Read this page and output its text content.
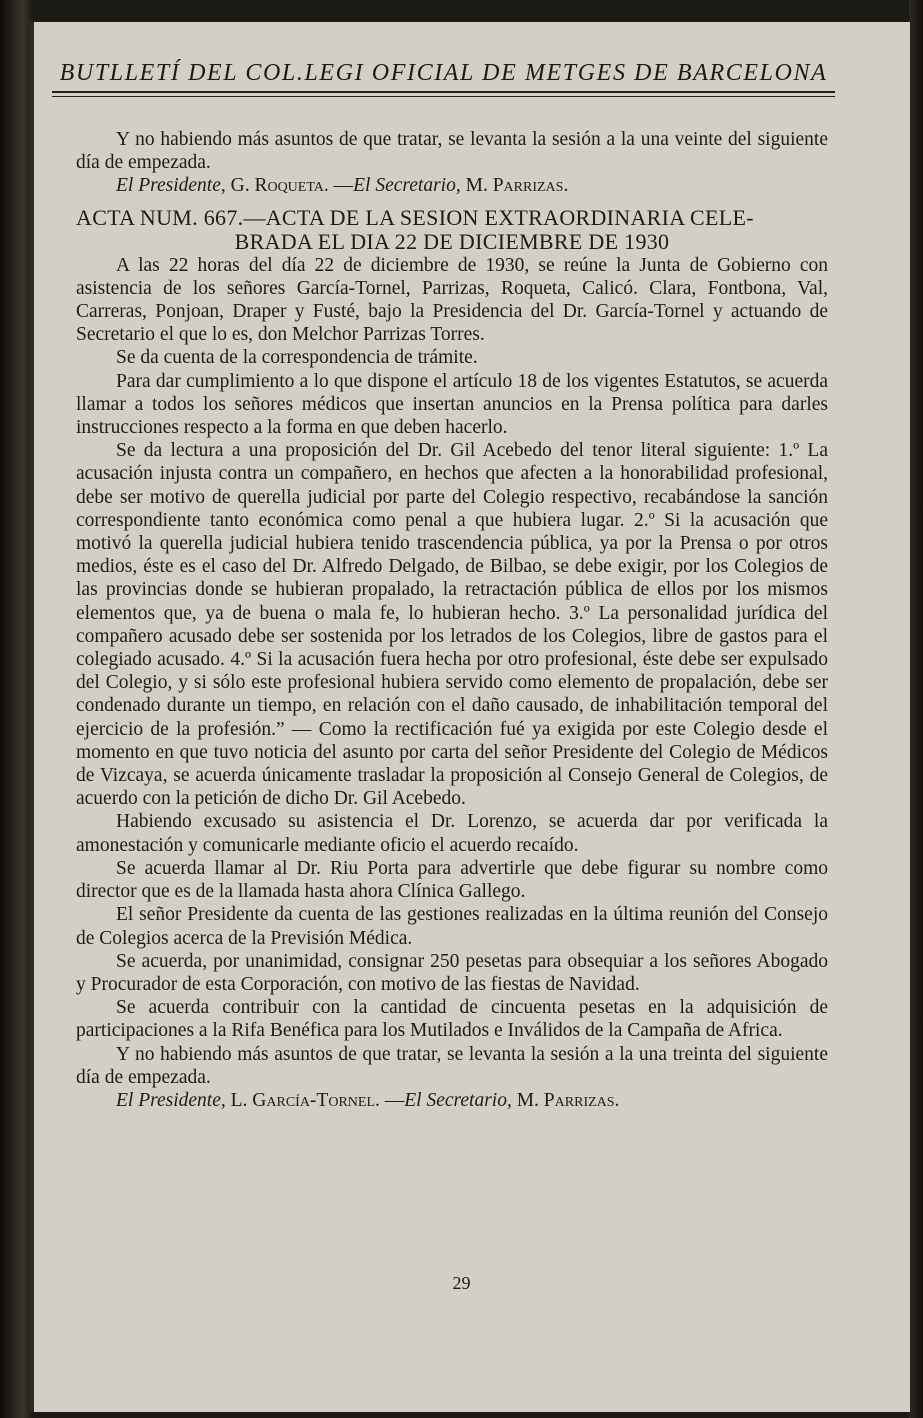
BUTLLETÍ DEL COL.LEGI OFICIAL DE METGES DE BARCELONA

Y no habiendo más asuntos de que tratar, se levanta la sesión a la una veinte del siguiente día de empezada.

El Presidente, G. Roqueta. —El Secretario, M. Parrizas.

ACTA NUM. 667.—ACTA DE LA SESION EXTRAORDINARIA CELE-
BRADA EL DIA 22 DE DICIEMBRE DE 1930

A las 22 horas del día 22 de diciembre de 1930, se reúne la Junta de Gobierno con asistencia de los señores García-Tornel, Parrizas, Roqueta, Calicó. Clara, Fontbona, Val, Carreras, Ponjoan, Draper y Fusté, bajo la Presidencia del Dr. García-Tornel y actuando de Secretario el que lo es, don Melchor Parrizas Torres.

Se da cuenta de la correspondencia de trámite.

Para dar cumplimiento a lo que dispone el artículo 18 de los vigentes Estatutos, se acuerda llamar a todos los señores médicos que insertan anuncios en la Prensa política para darles instrucciones respecto a la forma en que deben hacerlo.

Se da lectura a una proposición del Dr. Gil Acebedo del tenor literal siguiente: 1.º La acusación injusta contra un compañero, en hechos que afecten a la honorabilidad profesional, debe ser motivo de querella judicial por parte del Colegio respectivo, recabándose la sanción correspondiente tanto económica como penal a que hubiera lugar. 2.º Si la acusación que motivó la querella judicial hubiera tenido trascendencia pública, ya por la Prensa o por otros medios, éste es el caso del Dr. Alfredo Delgado, de Bilbao, se debe exigir, por los Colegios de las provincias donde se hubieran propalado, la retractación pública de ellos por los mismos elementos que, ya de buena o mala fe, lo hubieran hecho. 3.º La personalidad jurídica del compañero acusado debe ser sostenida por los letrados de los Colegios, libre de gastos para el colegiado acusado. 4.º Si la acusación fuera hecha por otro profesional, éste debe ser expulsado del Colegio, y si sólo este profesional hubiera servido como elemento de propalación, debe ser condenado durante un tiempo, en relación con el daño causado, de inhabilitación temporal del ejercicio de la profesión.” — Como la rectificación fué ya exigida por este Colegio desde el momento en que tuvo noticia del asunto por carta del señor Presidente del Colegio de Médicos de Vizcaya, se acuerda únicamente trasladar la proposición al Consejo General de Colegios, de acuerdo con la petición de dicho Dr. Gil Acebedo.

Habiendo excusado su asistencia el Dr. Lorenzo, se acuerda dar por verificada la amonestación y comunicarle mediante oficio el acuerdo recaído.

Se acuerda llamar al Dr. Riu Porta para advertirle que debe figurar su nombre como director que es de la llamada hasta ahora Clínica Gallego.

El señor Presidente da cuenta de las gestiones realizadas en la última reunión del Consejo de Colegios acerca de la Previsión Médica.

Se acuerda, por unanimidad, consignar 250 pesetas para obsequiar a los señores Abogado y Procurador de esta Corporación, con motivo de las fiestas de Navidad.

Se acuerda contribuir con la cantidad de cincuenta pesetas en la adquisición de participaciones a la Rifa Benéfica para los Mutilados e Inválidos de la Campaña de Africa.

Y no habiendo más asuntos de que tratar, se levanta la sesión a la una treinta del siguiente día de empezada.

El Presidente, L. García-Tornel. —El Secretario, M. Parrizas.

29
